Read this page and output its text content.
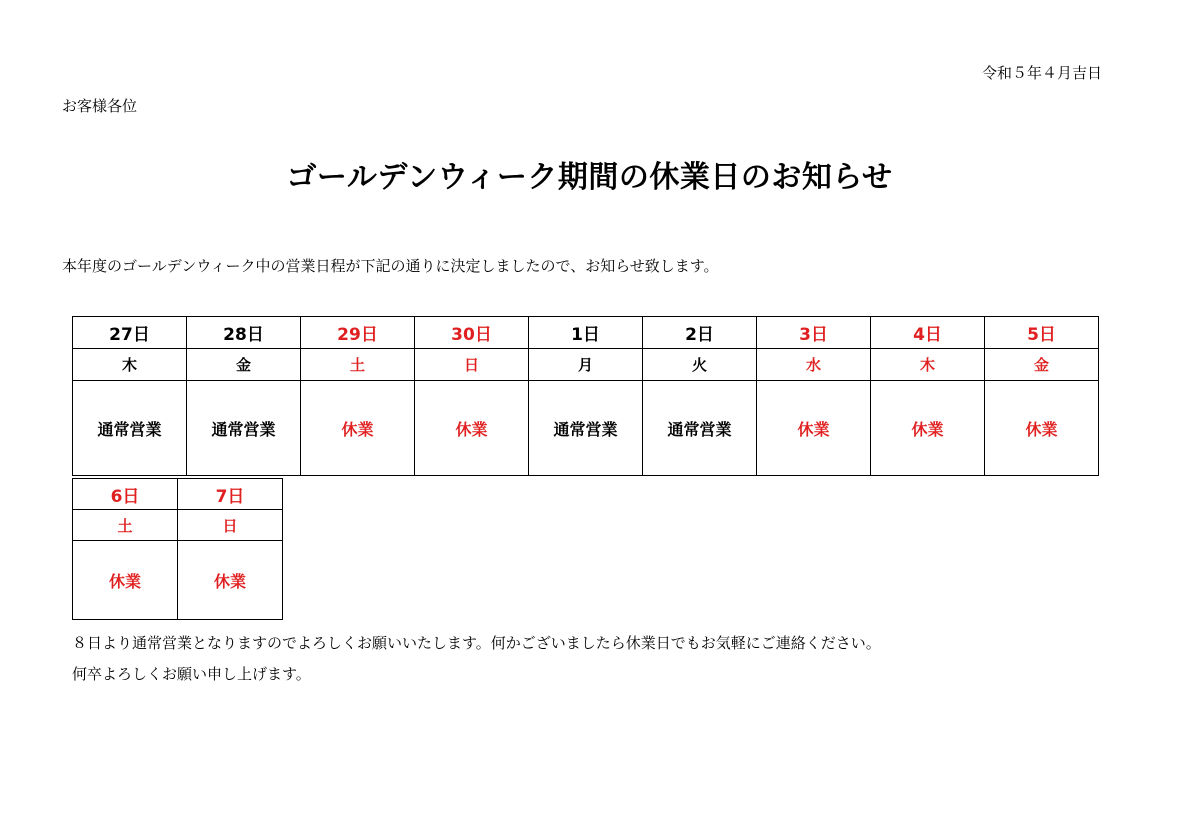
令和５年４月吉日
お客様各位
ゴールデンウィーク期間の休業日のお知らせ
本年度のゴールデンウィーク中の営業日程が下記の通りに決定しましたので、お知らせ致します。
27日	28日	29日	30日	1日	2日	3日	4日	5日
木	金	土	日	月	火	水	木	金
通常営業	通常営業	休業	休業	通常営業	通常営業	休業	休業	休業
6日	7日
土	日
休業	休業
８日より通常営業となりますのでよろしくお願いいたします。何かございましたら休業日でもお気軽にご連絡ください。
何卒よろしくお願い申し上げます。
